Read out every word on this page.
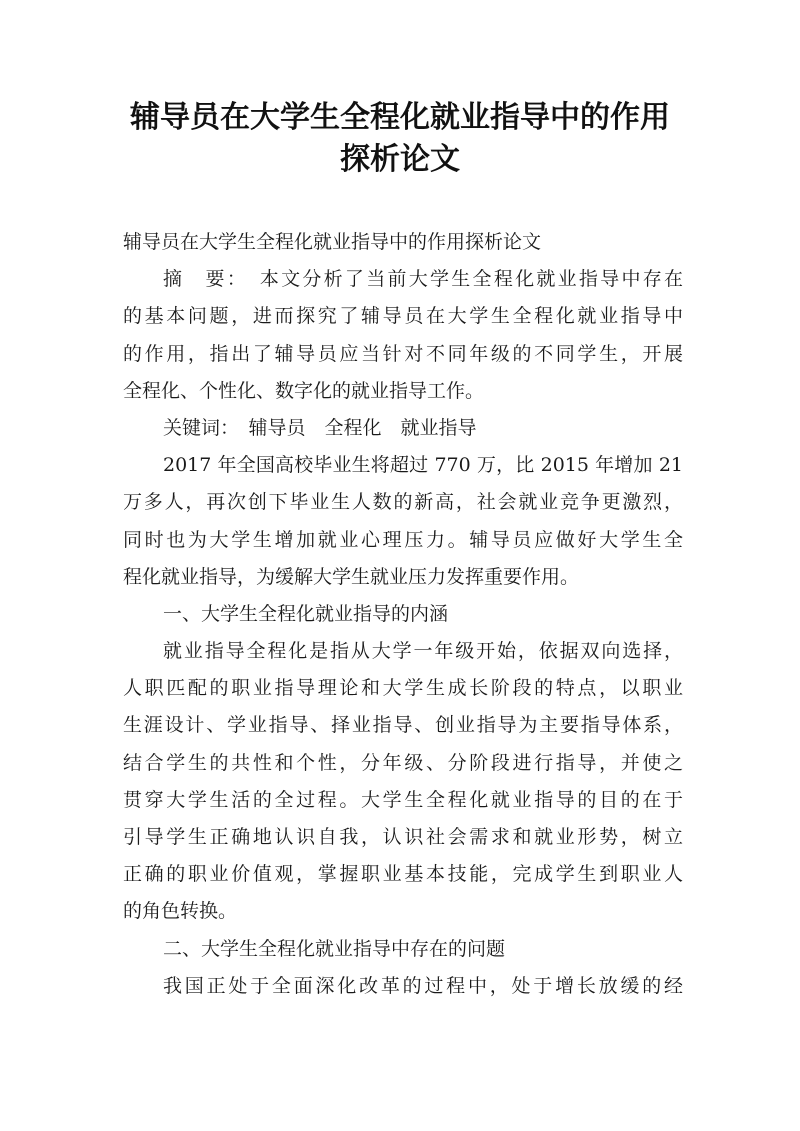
辅导员在大学生全程化就业指导中的作用
探析论文
辅导员在大学生全程化就业指导中的作用探析论文
摘　要：　本文分析了当前大学生全程化就业指导中存在
的基本问题，进而探究了辅导员在大学生全程化就业指导中
的作用，指出了辅导员应当针对不同年级的不同学生，开展
全程化、个性化、数字化的就业指导工作。
关键词：　辅导员　全程化　就业指导
2017 年全国高校毕业生将超过 770 万，比 2015 年增加 21
万多人，再次创下毕业生人数的新高，社会就业竞争更激烈，
同时也为大学生增加就业心理压力。辅导员应做好大学生全
程化就业指导，为缓解大学生就业压力发挥重要作用。
一、大学生全程化就业指导的内涵
就业指导全程化是指从大学一年级开始，依据双向选择，
人职匹配的职业指导理论和大学生成长阶段的特点，以职业
生涯设计、学业指导、择业指导、创业指导为主要指导体系，
结合学生的共性和个性，分年级、分阶段进行指导，并使之
贯穿大学生活的全过程。大学生全程化就业指导的目的在于
引导学生正确地认识自我，认识社会需求和就业形势，树立
正确的职业价值观，掌握职业基本技能，完成学生到职业人
的角色转换。
二、大学生全程化就业指导中存在的问题
我国正处于全面深化改革的过程中，处于增长放缓的经
